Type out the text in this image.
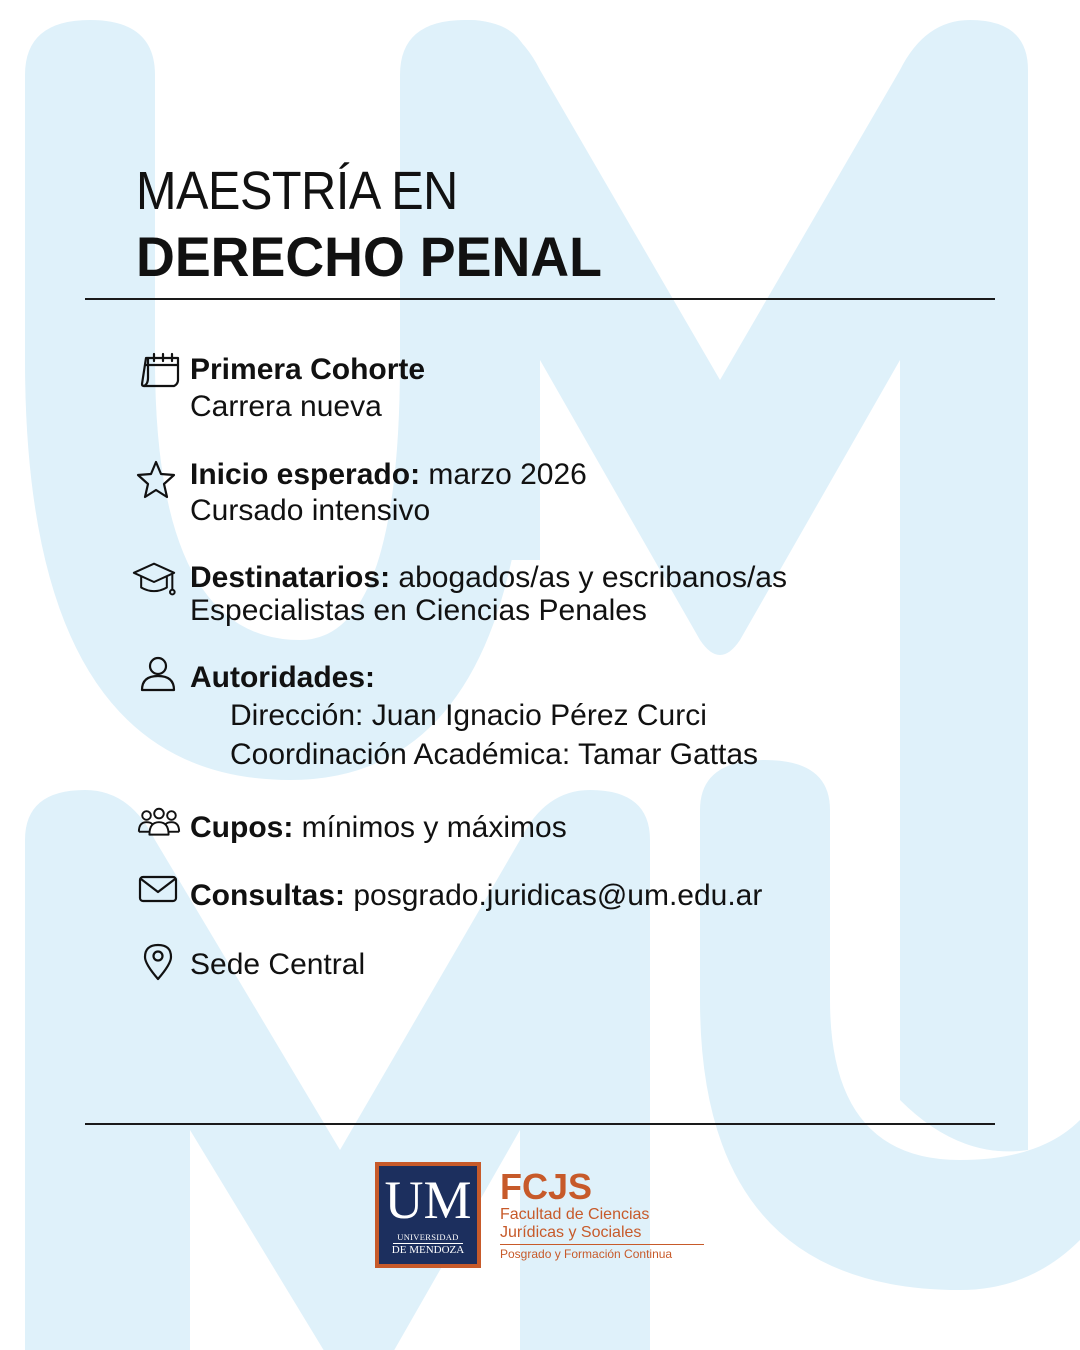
MAESTRÍA EN
DERECHO PENAL
Primera Cohorte
Carrera nueva
Inicio esperado: marzo 2026
Cursado intensivo
Destinatarios: abogados/as y escribanos/as
Especialistas en Ciencias Penales
Autoridades:
Dirección: Juan Ignacio Pérez Curci
Coordinación Académica: Tamar Gattas
Cupos: mínimos y máximos
Consultas: posgrado.juridicas@um.edu.ar
Sede Central
UM
UNIVERSIDAD
DE MENDOZA
FCJS
Facultad de Ciencias
Jurídicas y Sociales
Posgrado y Formación Continua
